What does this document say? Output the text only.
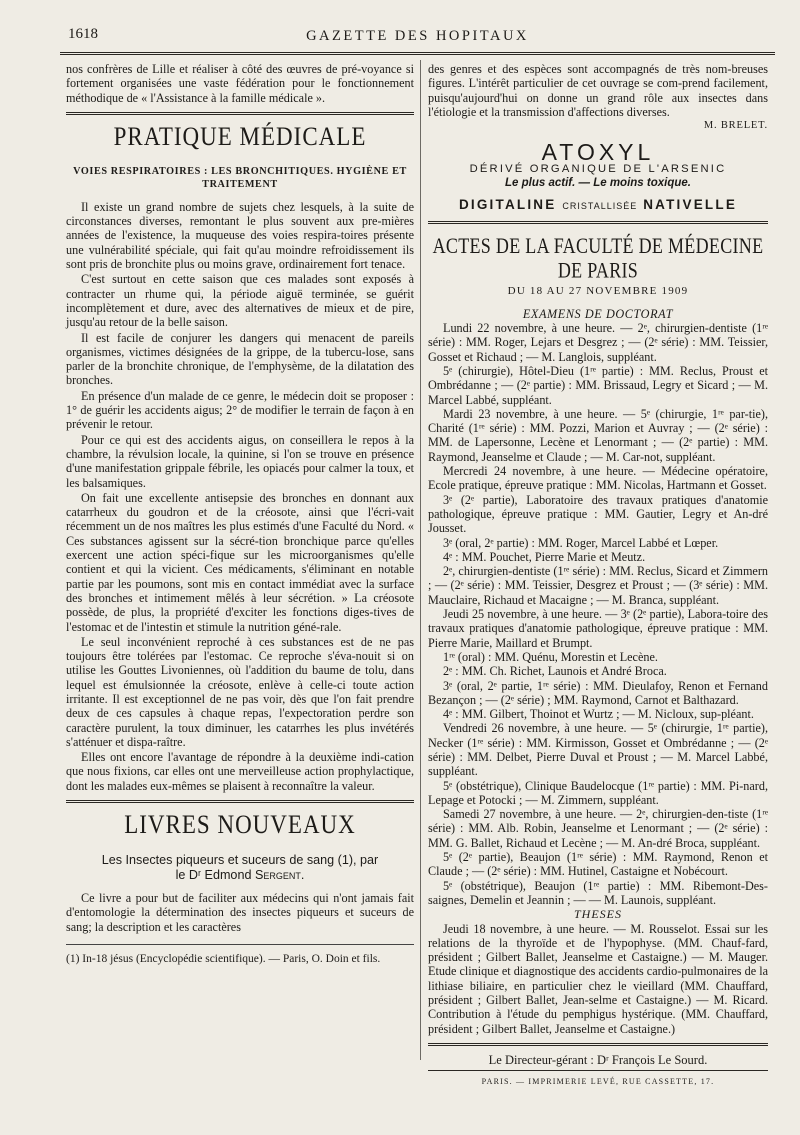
1618	GAZETTE DES HOPITAUX

nos confrères de Lille et réaliser à côté des œuvres de pré-voyance si fortement organisées une vaste fédération pour le fonctionnement méthodique de « l'Assistance à la famille médicale ».

PRATIQUE MÉDICALE
VOIES RESPIRATOIRES : LES BRONCHITIQUES. HYGIÈNE ET TRAITEMENT

Il existe un grand nombre de sujets chez lesquels, à la suite de circonstances diverses, remontant le plus souvent aux pre-mières années de l'existence, la muqueuse des voies respira-toires présente une vulnérabilité spéciale, qui fait qu'au moindre refroidissement ils sont pris de bronchite plus ou moins grave, ordinairement fort tenace.

C'est surtout en cette saison que ces malades sont exposés à contracter un rhume qui, la période aiguë terminée, se guérit incomplètement et dure, avec des alternatives de mieux et de pire, jusqu'au retour de la belle saison.

Il est facile de conjurer les dangers qui menacent de pareils organismes, victimes désignées de la grippe, de la tubercu-lose, sans parler de la bronchite chronique, de l'emphysème, de la dilatation des bronches.

En présence d'un malade de ce genre, le médecin doit se proposer : 1° de guérir les accidents aigus; 2° de modifier le terrain de façon à en prévenir le retour.

Pour ce qui est des accidents aigus, on conseillera le repos à la chambre, la révulsion locale, la quinine, si l'on se trouve en présence d'une manifestation grippale fébrile, les opiacés pour calmer la toux, et les balsamiques.

On fait une excellente antisepsie des bronches en donnant aux catarrheux du goudron et de la créosote, ainsi que l'écri-vait récemment un de nos maîtres les plus estimés d'une Faculté du Nord. « Ces substances agissent sur la sécré-tion bronchique parce qu'elles exercent une action spéci-fique sur les microorganismes qu'elle contient et qui la vicient. Ces médicaments, s'éliminant en notable partie par les poumons, sont mis en contact immédiat avec la surface des bronches et intimement mêlés à leur sécrétion. » La créosote possède, de plus, la propriété d'exciter les fonctions diges-tives de l'estomac et de l'intestin et stimule la nutrition géné-rale.

Le seul inconvénient reproché à ces substances est de ne pas toujours être tolérées par l'estomac. Ce reproche s'éva-nouit si on utilise les Gouttes Livoniennes, où l'addition du baume de tolu, dans lequel est émulsionnée la créosote, enlève à celle-ci toute action irritante. Il est exceptionnel de ne pas voir, dès que l'on fait prendre deux de ces capsules à chaque repas, l'expectoration perdre son caractère purulent, la toux diminuer, les catarrhes les plus invétérés s'atténuer et dispa-raître.

Elles ont encore l'avantage de répondre à la deuxième indi-cation que nous fixions, car elles ont une merveilleuse action prophylactique, dont les malades eux-mêmes se plaisent à reconnaître la valeur.

LIVRES NOUVEAUX
Les Insectes piqueurs et suceurs de sang (1), par
le Dʳ Edmond Sergent.

Ce livre a pour but de faciliter aux médecins qui n'ont jamais fait d'entomologie la détermination des insectes piqueurs et suceurs de sang; la description et les caractères

(1) In-18 jésus (Encyclopédie scientifique). — Paris, O. Doin et fils.

des genres et des espèces sont accompagnés de très nom-breuses figures. L'intérêt particulier de cet ouvrage se com-prend facilement, puisqu'aujourd'hui on donne un grand rôle aux insectes dans l'étiologie et la transmission d'affections diverses.

M. BRELET.
ATOXYL
DÉRIVÉ ORGANIQUE DE L'ARSENIC
Le plus actif. — Le moins toxique.
DIGITALINE CRISTALLISÉE NATIVELLE
ACTES DE LA FACULTÉ DE MÉDECINE DE PARIS
DU 18 AU 27 NOVEMBRE 1909
EXAMENS DE DOCTORAT

Lundi 22 novembre, à une heure. — 2ᵉ, chirurgien-dentiste (1ʳᵉ série) : MM. Roger, Lejars et Desgrez ; — (2ᵉ série) : MM. Teissier, Gosset et Richaud ; — M. Langlois, suppléant.

5ᵉ (chirurgie), Hôtel-Dieu (1ʳᵉ partie) : MM. Reclus, Proust et Ombrédanne ; — (2ᵉ partie) : MM. Brissaud, Legry et Sicard ; — M. Marcel Labbé, suppléant.

Mardi 23 novembre, à une heure. — 5ᵉ (chirurgie, 1ʳᵉ par-tie), Charité (1ʳᵉ série) : MM. Pozzi, Marion et Auvray ; — (2ᵉ série) : MM. de Lapersonne, Lecène et Lenormant ; — (2ᵉ partie) : MM. Raymond, Jeanselme et Claude ; — M. Car-not, suppléant.

Mercredi 24 novembre, à une heure. — Médecine opératoire, Ecole pratique, épreuve pratique : MM. Nicolas, Hartmann et Gosset.

3ᵉ (2ᵉ partie), Laboratoire des travaux pratiques d'anatomie pathologique, épreuve pratique : MM. Gautier, Legry et An-dré Jousset.

3ᵉ (oral, 2ᵉ partie) : MM. Roger, Marcel Labbé et Lœper.

4ᵉ : MM. Pouchet, Pierre Marie et Meutz.

2ᵉ, chirurgien-dentiste (1ʳᵉ série) : MM. Reclus, Sicard et Zimmern ; — (2ᵉ série) : MM. Teissier, Desgrez et Proust ; — (3ᵉ série) : MM. Mauclaire, Richaud et Macaigne ; — M. Branca, suppléant.

Jeudi 25 novembre, à une heure. — 3ᵉ (2ᵉ partie), Labora-toire des travaux pratiques d'anatomie pathologique, épreuve pratique : MM. Pierre Marie, Maillard et Brumpt.

1ʳᵉ (oral) : MM. Quénu, Morestin et Lecène.

2ᵉ : MM. Ch. Richet, Launois et André Broca.

3ᵉ (oral, 2ᵉ partie, 1ʳᵉ série) : MM. Dieulafoy, Renon et Fernand Bezançon ; — (2ᵉ série) ; MM. Raymond, Carnot et Balthazard.

4ᵉ : MM. Gilbert, Thoinot et Wurtz ; — M. Nicloux, sup-pléant.

Vendredi 26 novembre, à une heure. — 5ᵉ (chirurgie, 1ʳᵉ partie), Necker (1ʳᵉ série) : MM. Kirmisson, Gosset et Ombrédanne ; — (2ᵉ série) : MM. Delbet, Pierre Duval et Proust ; — M. Marcel Labbé, suppléant.

5ᵉ (obstétrique), Clinique Baudelocque (1ʳᵉ partie) : MM. Pi-nard, Lepage et Potocki ; — M. Zimmern, suppléant.

Samedi 27 novembre, à une heure. — 2ᵉ, chirurgien-den-tiste (1ʳᵉ série) : MM. Alb. Robin, Jeanselme et Lenormant ; — (2ᵉ série) : MM. G. Ballet, Richaud et Lecène ; — M. An-dré Broca, suppléant.

5ᵉ (2ᵉ partie), Beaujon (1ʳᵉ série) : MM. Raymond, Renon et Claude ; — (2ᵉ série) : MM. Hutinel, Castaigne et Nobécourt.

5ᵉ (obstétrique), Beaujon (1ʳᵉ partie) : MM. Ribemont-Des-saignes, Demelin et Jeannin ; — — M. Launois, suppléant.

THESES

Jeudi 18 novembre, à une heure. — M. Rousselot. Essai sur les relations de la thyroïde et de l'hypophyse. (MM. Chauf-fard, président ; Gilbert Ballet, Jeanselme et Castaigne.) — M. Mauger. Etude clinique et diagnostique des accidents cardio-pulmonaires de la lithiase biliaire, en particulier chez le vieillard (MM. Chauffard, président ; Gilbert Ballet, Jean-selme et Castaigne.) — M. Ricard. Contribution à l'étude du pemphigus hystérique. (MM. Chauffard, président ; Gilbert Ballet, Jeanselme et Castaigne.)

Le Directeur-gérant : Dʳ François Le Sourd.
PARIS. — IMPRIMERIE LEVÉ, RUE CASSETTE, 17.
